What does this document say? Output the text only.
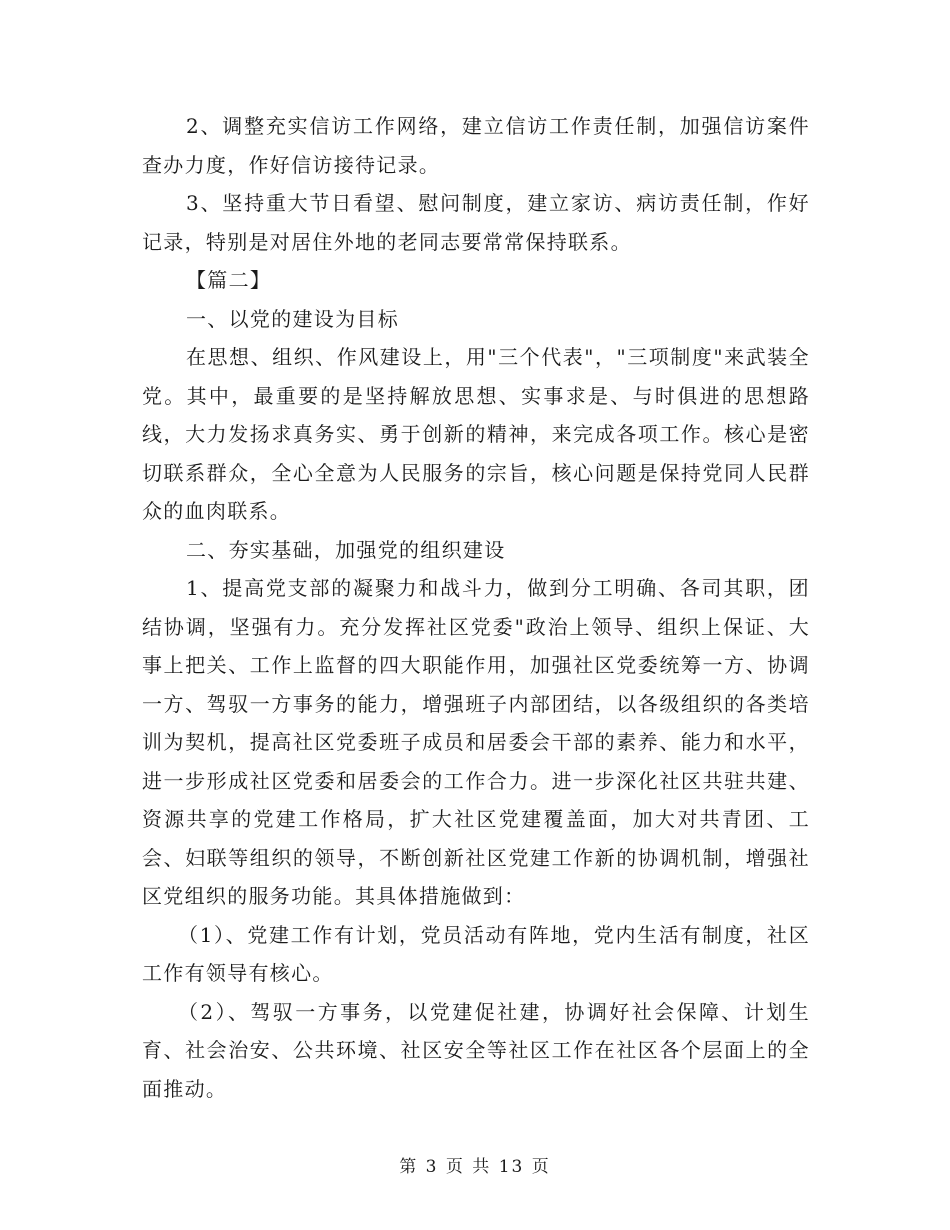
2、调整充实信访工作网络，建立信访工作责任制，加强信访案件查办力度，作好信访接待记录。

3、坚持重大节日看望、慰问制度，建立家访、病访责任制，作好记录，特别是对居住外地的老同志要常常保持联系。

【篇二】

一、以党的建设为目标

在思想、组织、作风建设上，用"三个代表"，"三项制度"来武装全党。其中，最重要的是坚持解放思想、实事求是、与时俱进的思想路线，大力发扬求真务实、勇于创新的精神，来完成各项工作。核心是密切联系群众，全心全意为人民服务的宗旨，核心问题是保持党同人民群众的血肉联系。

二、夯实基础，加强党的组织建设

1、提高党支部的凝聚力和战斗力，做到分工明确、各司其职，团结协调，坚强有力。充分发挥社区党委"政治上领导、组织上保证、大事上把关、工作上监督的四大职能作用，加强社区党委统筹一方、协调一方、驾驭一方事务的能力，增强班子内部团结，以各级组织的各类培训为契机，提高社区党委班子成员和居委会干部的素养、能力和水平，进一步形成社区党委和居委会的工作合力。进一步深化社区共驻共建、资源共享的党建工作格局，扩大社区党建覆盖面，加大对共青团、工会、妇联等组织的领导，不断创新社区党建工作新的协调机制，增强社区党组织的服务功能。其具体措施做到：

（1）、党建工作有计划，党员活动有阵地，党内生活有制度，社区工作有领导有核心。

（2）、驾驭一方事务，以党建促社建，协调好社会保障、计划生育、社会治安、公共环境、社区安全等社区工作在社区各个层面上的全面推动。

第 3 页 共 13 页
